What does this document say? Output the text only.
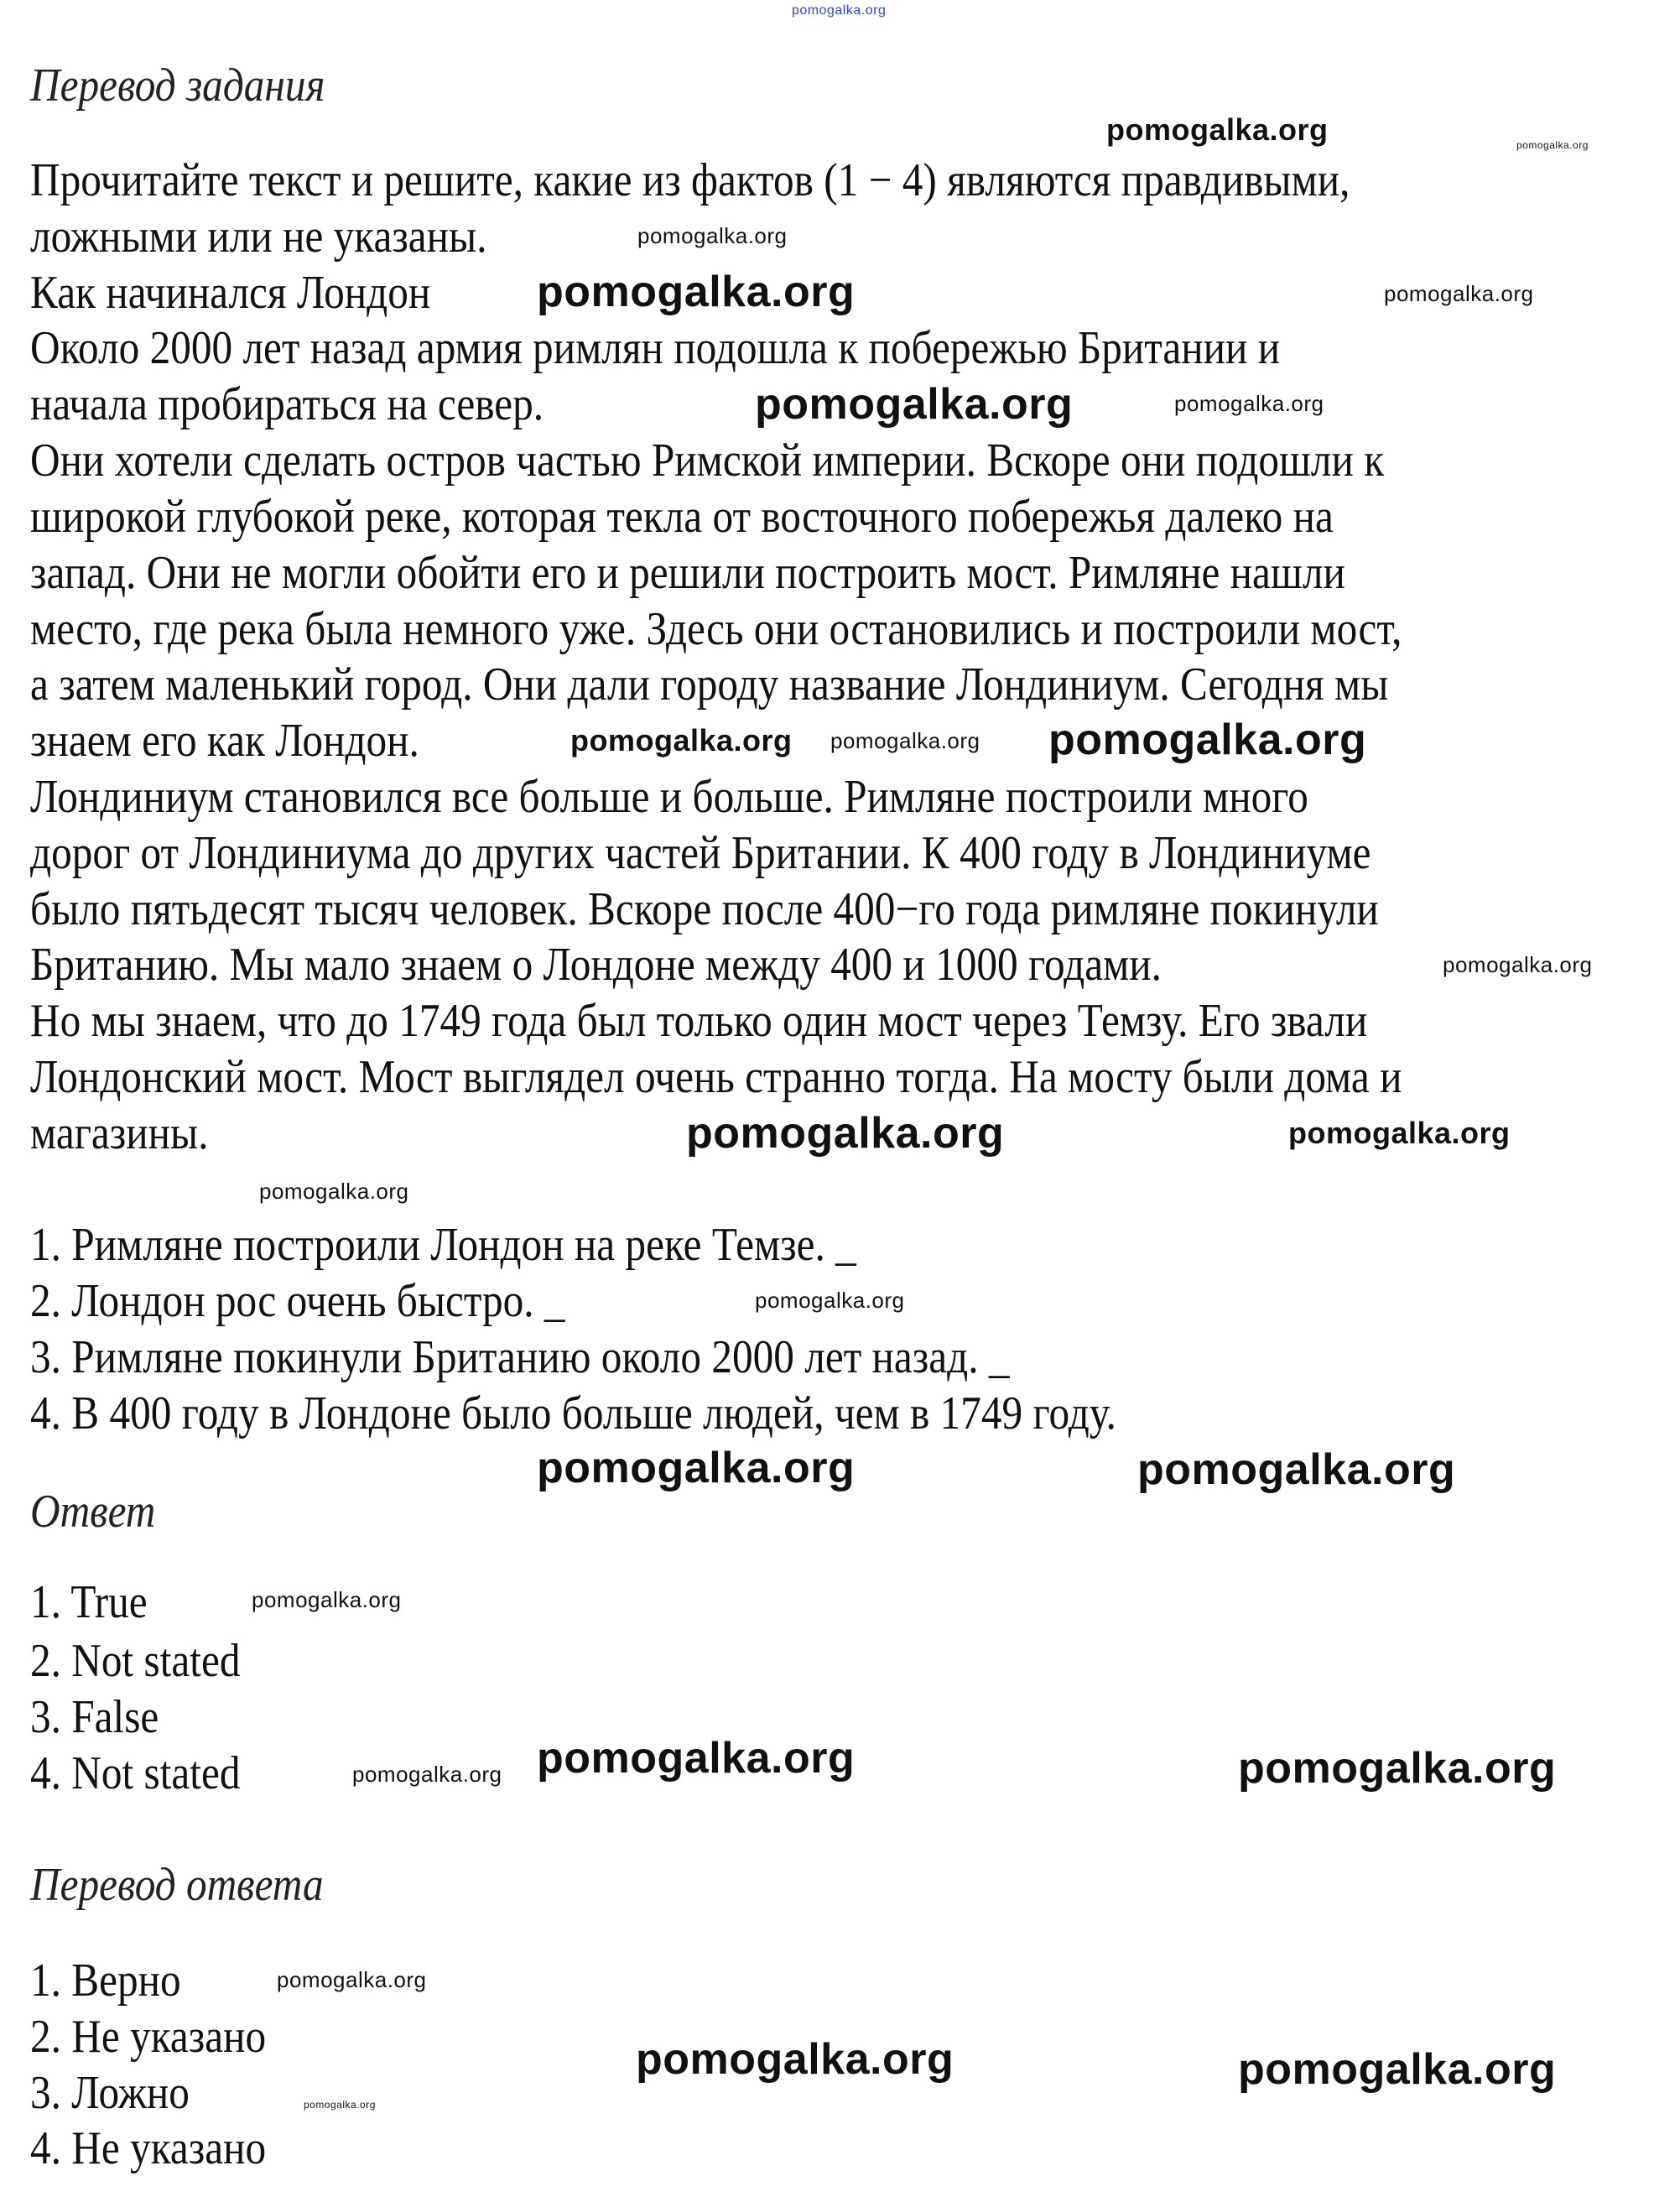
Перевод задания
Прочитайте текст и решите, какие из фактов (1 − 4) являются правдивыми,
ложными или не указаны.
Как начинался Лондон
Около 2000 лет назад армия римлян подошла к побережью Британии и
начала пробираться на север.
Они хотели сделать остров частью Римской империи. Вскоре они подошли к
широкой глубокой реке, которая текла от восточного побережья далеко на
запад. Они не могли обойти его и решили построить мост. Римляне нашли
место, где река была немного уже. Здесь они остановились и построили мост,
а затем маленький город. Они дали городу название Лондиниум. Сегодня мы
знаем его как Лондон.
Лондиниум становился все больше и больше. Римляне построили много
дорог от Лондиниума до других частей Британии. К 400 году в Лондиниуме
было пятьдесят тысяч человек. Вскоре после 400−го года римляне покинули
Британию. Мы мало знаем о Лондоне между 400 и 1000 годами.
Но мы знаем, что до 1749 года был только один мост через Темзу. Его звали
Лондонский мост. Мост выглядел очень странно тогда. На мосту были дома и
магазины.
1. Римляне построили Лондон на реке Темзе. _
2. Лондон рос очень быстро. _
3. Римляне покинули Британию около 2000 лет назад. _
4. В 400 году в Лондоне было больше людей, чем в 1749 году.
Ответ
1. True
2. Not stated
3. False
4. Not stated
Перевод ответа
1. Верно
2. Не указано
3. Ложно
4. Не указано
pomogalka.org
pomogalka.org
pomogalka.org
pomogalka.org
pomogalka.org
pomogalka.org	pomogalka.org
pomogalka.org	pomogalka.org
pomogalka.org	pomogalka.org
pomogalka.org
pomogalka.org
pomogalka.org
pomogalka.org
pomogalka.org
pomogalka.org
pomogalka.org
pomogalka.org
pomogalka.org
pomogalka.org
pomogalka.org
pomogalka.org
pomogalka.org
pomogalka.org
pomogalka.org
